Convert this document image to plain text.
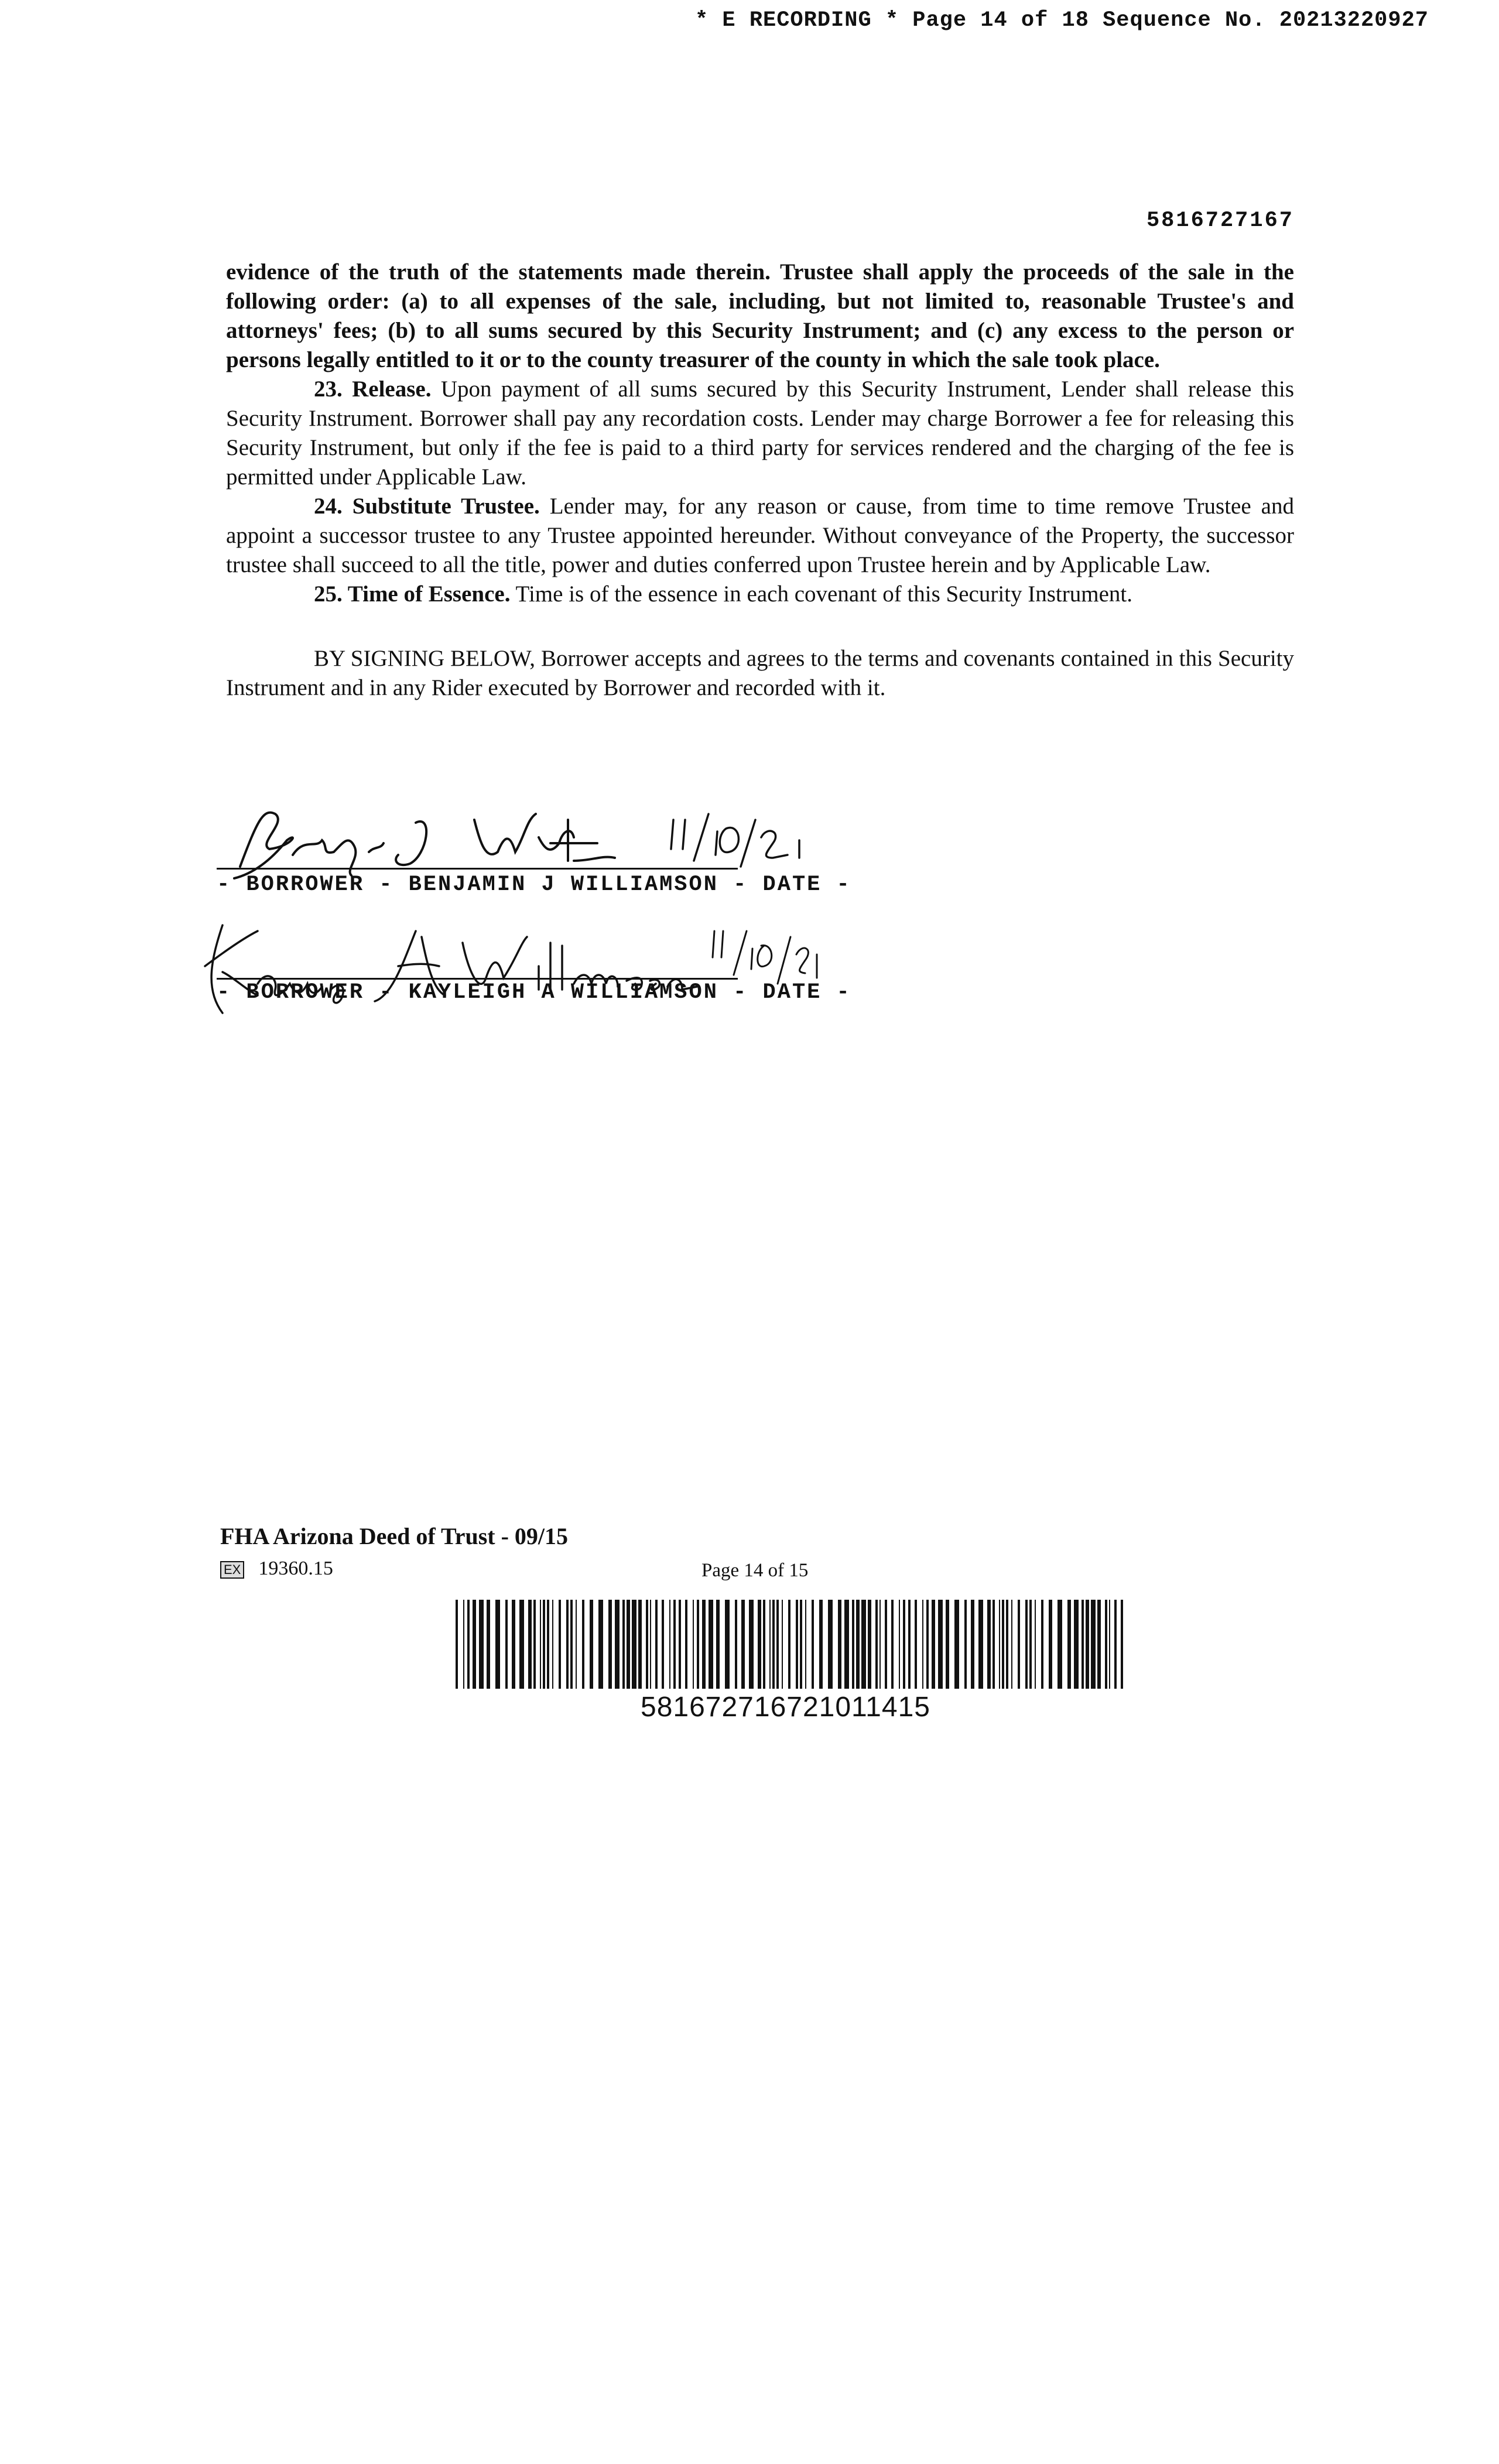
* E RECORDING * Page 14 of 18 Sequence No. 20213220927
5816727167

evidence of the truth of the statements made therein. Trustee shall apply the proceeds of the sale in the following order: (a) to all expenses of the sale, including, but not limited to, reasonable Trustee's and attorneys' fees; (b) to all sums secured by this Security Instrument; and (c) any excess to the person or persons legally entitled to it or to the county treasurer of the county in which the sale took place.

23. Release. Upon payment of all sums secured by this Security Instrument, Lender shall release this Security Instrument. Borrower shall pay any recordation costs. Lender may charge Borrower a fee for releasing this Security Instrument, but only if the fee is paid to a third party for services rendered and the charging of the fee is permitted under Applicable Law.

24. Substitute Trustee. Lender may, for any reason or cause, from time to time remove Trustee and appoint a successor trustee to any Trustee appointed hereunder. Without conveyance of the Property, the successor trustee shall succeed to all the title, power and duties conferred upon Trustee herein and by Applicable Law.

25. Time of Essence. Time is of the essence in each covenant of this Security Instrument.

BY SIGNING BELOW, Borrower accepts and agrees to the terms and covenants contained in this Security Instrument and in any Rider executed by Borrower and recorded with it.

- BORROWER - BENJAMIN J WILLIAMSON - DATE -
- BORROWER - KAYLEIGH A WILLIAMSON - DATE -
FHA Arizona Deed of Trust - 09/15
EX 19360.15	Page 14 of 15
581672716721011415
